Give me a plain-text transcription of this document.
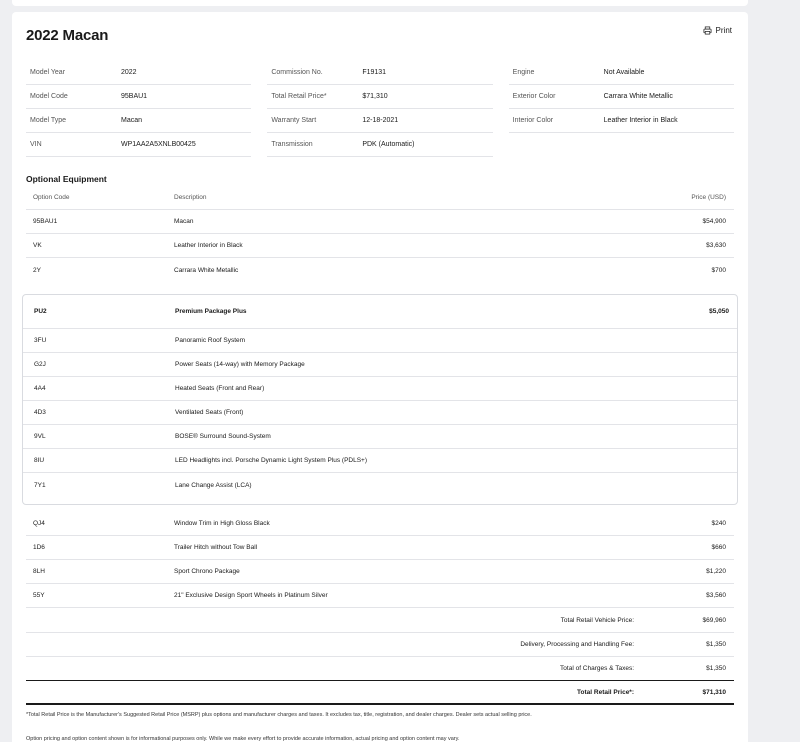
2022 Macan	Print
Model Year	2022
Model Code	95BAU1
Model Type	Macan
VIN	WP1AA2A5XNLB00425
Commission No.	F19131
Total Retail Price*	$71,310
Warranty Start	12-18-2021
Transmission	PDK (Automatic)
Engine	Not Available
Exterior Color	Carrara White Metallic
Interior Color	Leather Interior in Black
Optional Equipment
Option Code	Description	Price (USD)
95BAU1	Macan	$54,900
VK	Leather Interior in Black	$3,630
2Y	Carrara White Metallic	$700
PU2	Premium Package Plus	$5,050
3FU	Panoramic Roof System
G2J	Power Seats (14-way) with Memory Package
4A4	Heated Seats (Front and Rear)
4D3	Ventilated Seats (Front)
9VL	BOSE® Surround Sound-System
8IU	LED Headlights incl. Porsche Dynamic Light System Plus (PDLS+)
7Y1	Lane Change Assist (LCA)
QJ4	Window Trim in High Gloss Black	$240
1D6	Trailer Hitch without Tow Ball	$660
8LH	Sport Chrono Package	$1,220
55Y	21" Exclusive Design Sport Wheels in Platinum Silver	$3,560
Total Retail Vehicle Price:	$69,960
Delivery, Processing and Handling Fee:	$1,350
Total of Charges & Taxes:	$1,350
Total Retail Price*:	$71,310

*Total Retail Price is the Manufacturer's Suggested Retail Price (MSRP) plus options and manufacturer charges and taxes. It excludes tax, title, registration, and dealer charges. Dealer sets actual selling price.

Option pricing and option content shown is for informational purposes only. While we make every effort to provide accurate information, actual pricing and option content may vary.
